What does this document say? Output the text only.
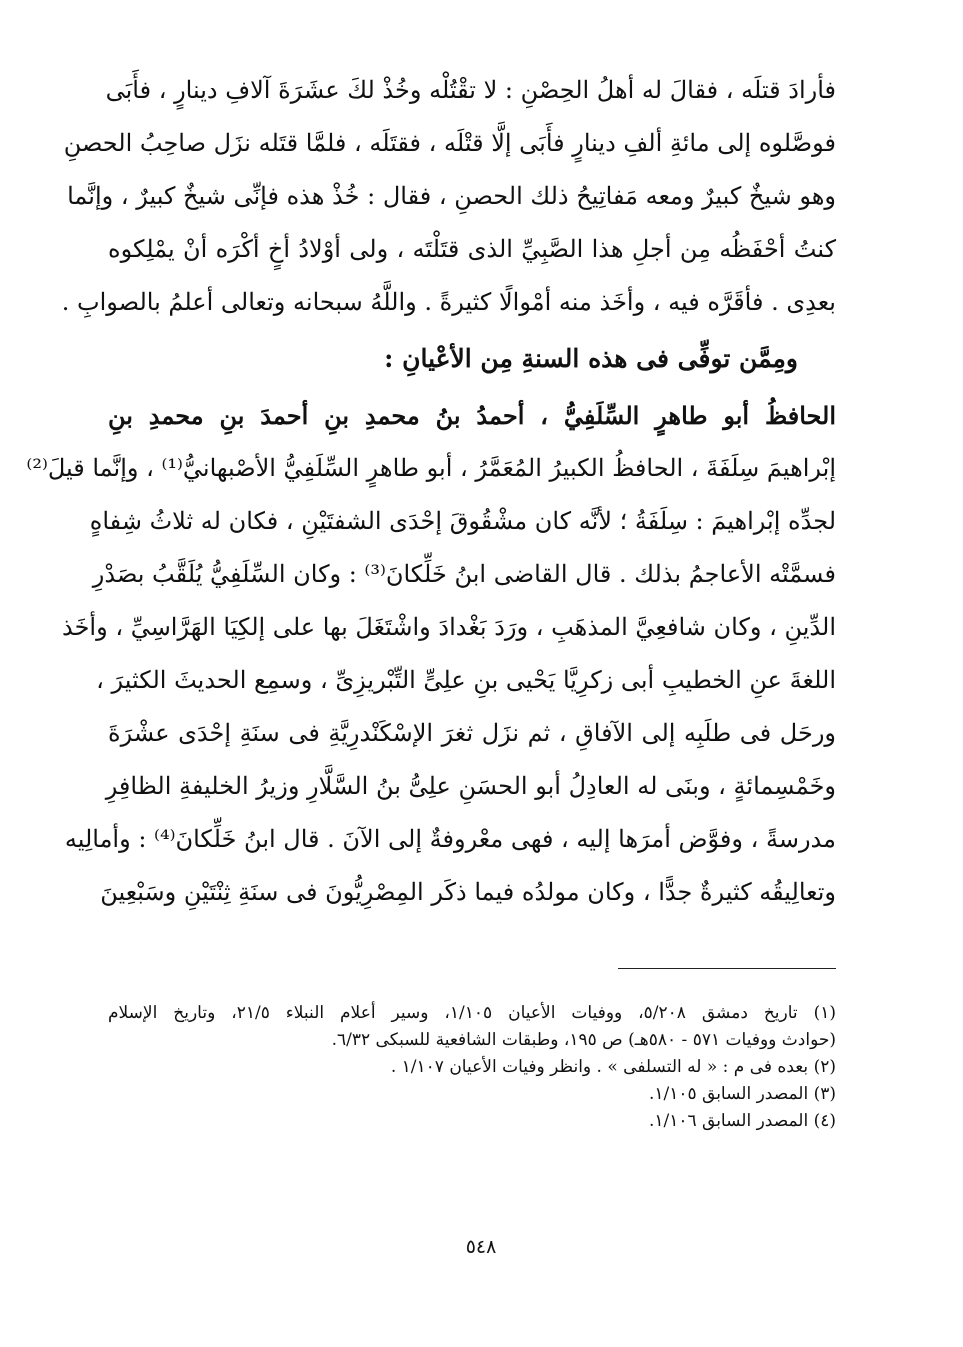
فأرادَ قتلَه ، فقالَ له أهلُ الحِصْنِ : لا تقْتُلْه وخُذْ لكَ عشَرَةَ آلافِ دينارٍ ، فأَبَى
فوصَّلوه إلى مائةِ ألفِ دينارٍ فأَبَى إلَّا قتْلَه ، فقتَلَه ، فلمَّا قتَله نزَل صاحِبُ الحصنِ
وهو شيخٌ كبيرٌ ومعه مَفاتِيحُ ذلك الحصنِ ، فقال : خُذْ هذه فإنِّى شيخٌ كبيرٌ ، وإنَّما
كنتُ أحْفَظُه مِن أجلِ هذا الصَّبِيِّ الذى قتَلْتَه ، ولى أوْلادُ أخٍ أكْرَه أنْ يمْلِكوه
بعدِى . فأقَرَّه فيه ، وأخَذ منه أمْوالًا كثيرةً . واللَّهُ سبحانه وتعالى أعلمُ بالصوابِ .
ومِمَّن توفِّى فى هذه السنةِ مِن الأعْيانِ :
الحافظُ أبو طاهرٍ السِّلَفِيُّ ، أحمدُ بنُ محمدِ بنِ أحمدَ بنِ محمدِ بنِ
إبْراهيمَ سِلَفَةَ ، الحافظُ الكبيرُ المُعَمَّرُ ، أبو طاهرٍ السِّلَفِيُّ الأصْبهانيُّ⁽¹⁾ ، وإنَّما قيلَ⁽²⁾
لجدِّه إبْراهيمَ : سِلَفَةُ ؛ لأنَّه كان مشْقُوقَ إحْدَى الشفتَيْنِ ، فكان له ثلاثُ شِفاهٍ
فسمَّتْه الأعاجمُ بذلك . قال القاضى ابنُ خَلِّكانَ⁽³⁾ : وكان السِّلَفِيُّ يُلَقَّبُ بصَدْرِ
الدِّينِ ، وكان شافعِيَّ المذهَبِ ، ورَدَ بَغْدادَ واشْتَغَلَ بها على إلكِيَا الهَرَّاسِيِّ ، وأخَذ
اللغةَ عنِ الخطيبِ أبى زكرِيَّا يَحْيى بنِ علِىٍّ التِّبْريزِىِّ ، وسمِع الحديثَ الكثيرَ ،
ورحَل فى طلَبِه إلى الآفاقِ ، ثم نزَل ثغرَ الإسْكَنْدرِيَّةِ فى سنَةِ إحْدَى عشْرَةَ
وخَمْسِمائةٍ ، وبنَى له العادِلُ أبو الحسَنِ علِىُّ بنُ السَّلَّارِ وزيرُ الخليفةِ الظافِرِ
مدرسةً ، وفوَّض أمرَها إليه ، فهى معْروفةٌ إلى الآنَ . قال ابنُ خَلِّكانَ⁽⁴⁾ : وأمالِيه
وتعالِيقُه كثيرةٌ جدًّا ، وكان مولدُه فيما ذكَر المِصْرِيُّونَ فى سنَةِ ثِنْتَيْنِ وسَبْعِينَ
(١) تاريخ دمشق ٥/٢٠٨، ووفيات الأعيان ١/١٠٥، وسير أعلام النبلاء ٢١/٥، وتاريخ الإسلام
(حوادث ووفيات ٥٧١ - ٥٨٠هـ) ص ١٩٥، وطبقات الشافعية للسبكى ٦/٣٢.
(٢) بعده فى م : « له التسلفى » . وانظر وفيات الأعيان ١/١٠٧ .
(٣) المصدر السابق ١/١٠٥.
(٤) المصدر السابق ١/١٠٦.
٥٤٨
